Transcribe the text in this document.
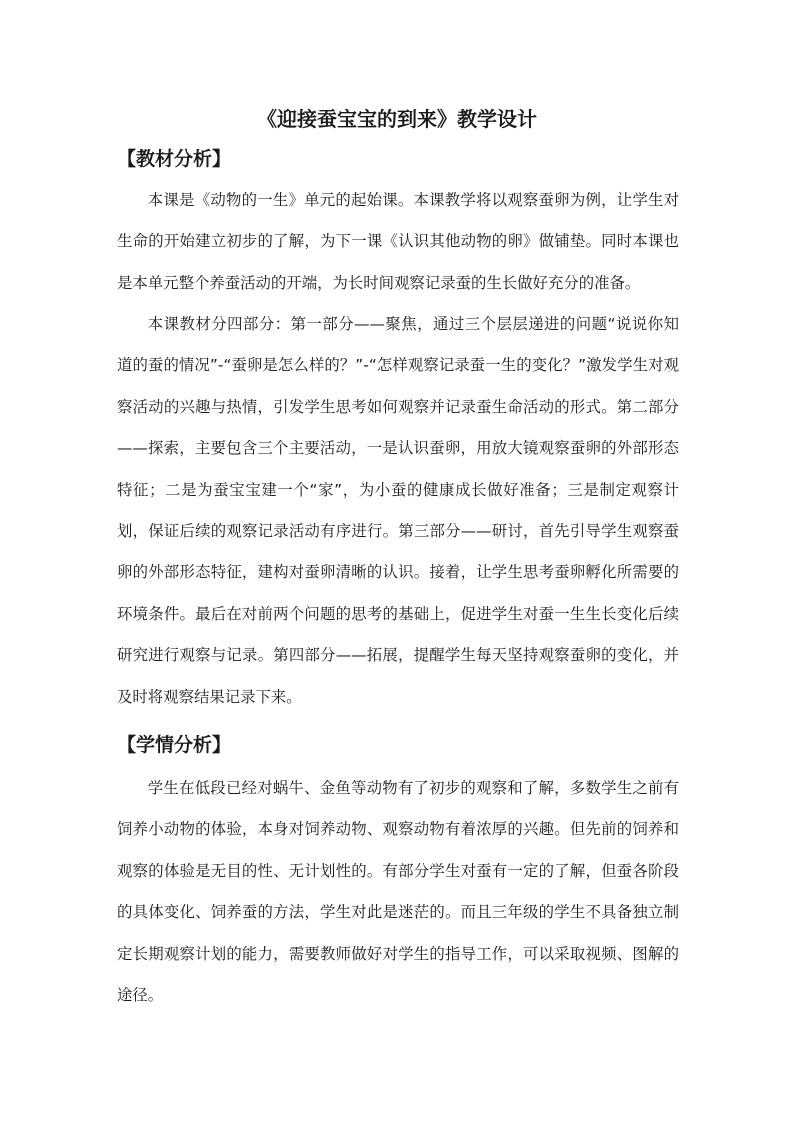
《迎接蚕宝宝的到来》教学设计
【教材分析】

本课是《动物的一生》单元的起始课。本课教学将以观察蚕卵为例，让学生对生命的开始建立初步的了解，为下一课《认识其他动物的卵》做铺垫。同时本课也是本单元整个养蚕活动的开端，为长时间观察记录蚕的生长做好充分的准备。

本课教材分四部分：第一部分——聚焦，通过三个层层递进的问题“说说你知道的蚕的情况”-“蚕卵是怎么样的？”-“怎样观察记录蚕一生的变化？”激发学生对观察活动的兴趣与热情，引发学生思考如何观察并记录蚕生命活动的形式。第二部分——探索，主要包含三个主要活动，一是认识蚕卵，用放大镜观察蚕卵的外部形态特征；二是为蚕宝宝建一个“家”，为小蚕的健康成长做好准备；三是制定观察计划，保证后续的观察记录活动有序进行。第三部分——研讨，首先引导学生观察蚕卵的外部形态特征，建构对蚕卵清晰的认识。接着，让学生思考蚕卵孵化所需要的环境条件。最后在对前两个问题的思考的基础上，促进学生对蚕一生生长变化后续研究进行观察与记录。第四部分——拓展，提醒学生每天坚持观察蚕卵的变化，并及时将观察结果记录下来。

【学情分析】

学生在低段已经对蜗牛、金鱼等动物有了初步的观察和了解，多数学生之前有饲养小动物的体验，本身对饲养动物、观察动物有着浓厚的兴趣。但先前的饲养和观察的体验是无目的性、无计划性的。有部分学生对蚕有一定的了解，但蚕各阶段的具体变化、饲养蚕的方法，学生对此是迷茫的。而且三年级的学生不具备独立制定长期观察计划的能力，需要教师做好对学生的指导工作，可以采取视频、图解的途径。
